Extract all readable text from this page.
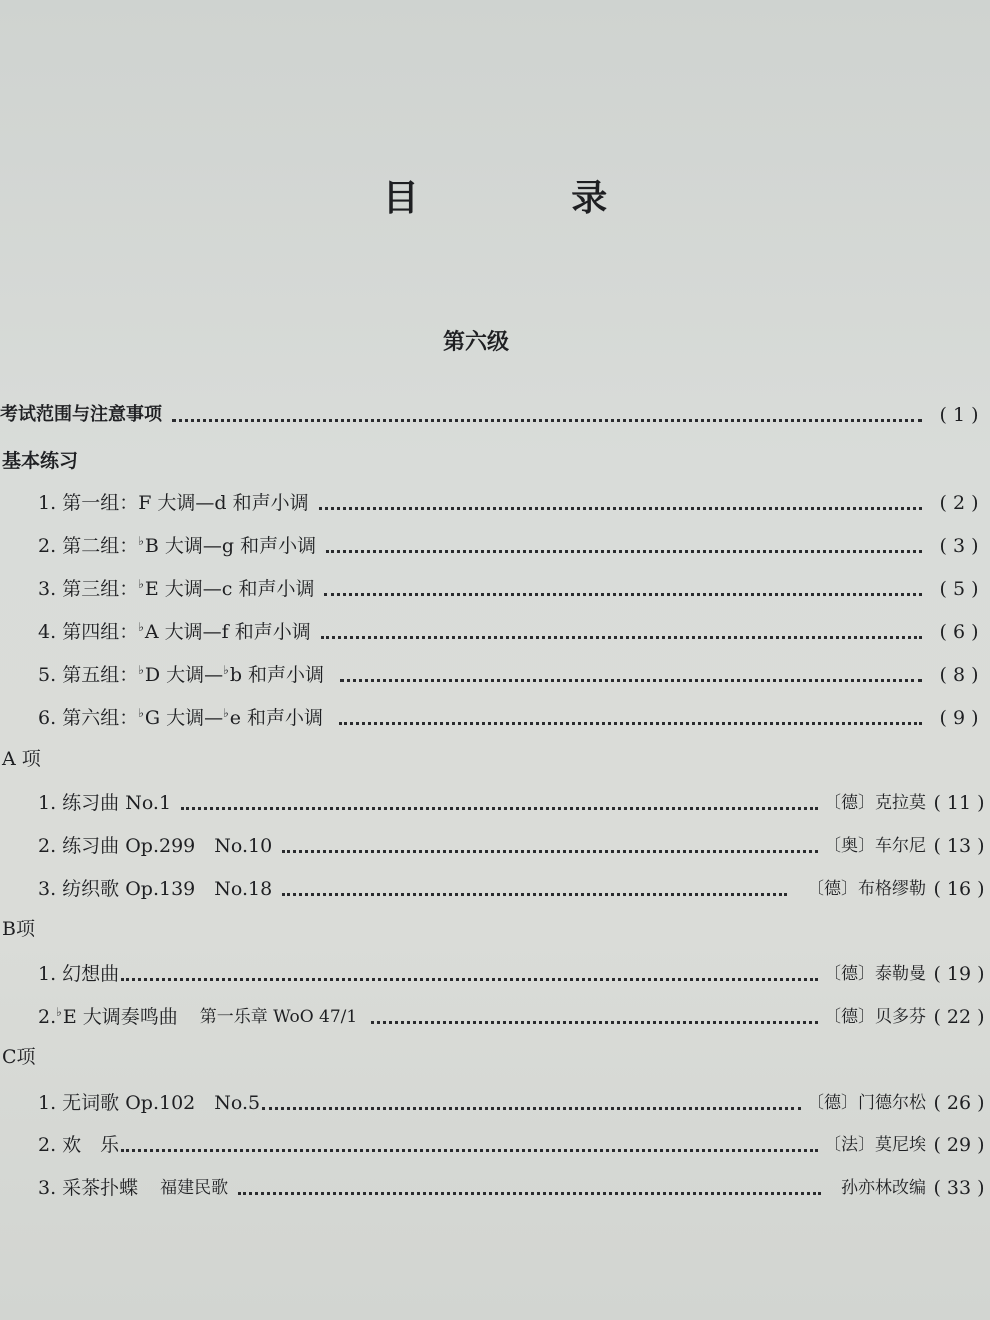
目 录
第六级
考试范围与注意事项	( 1 )
基本练习
1. 第一组：F 大调—d 和声小调	( 2 )
2. 第二组：♭B 大调—g 和声小调	( 3 )
3. 第三组：♭E 大调—c 和声小调	( 5 )
4. 第四组：♭A 大调—f 和声小调	( 6 )
5. 第五组：♭D 大调—♭b 和声小调	( 8 )
6. 第六组：♭G 大调—♭e 和声小调	( 9 )
A 项
1. 练习曲 No.1	〔德〕克拉莫 ( 11 )
2. 练习曲 Op.299　No.10	〔奥〕车尔尼 ( 13 )
3. 纺织歌 Op.139　No.18	〔德〕布格缪勒 ( 16 )
B项
1. 幻想曲	〔德〕泰勒曼 ( 19 )
2.♭E 大调奏鸣曲 第一乐章 WoO 47/1	〔德〕贝多芬 ( 22 )
C项
1. 无词歌 Op.102　No.5	〔德〕门德尔松 ( 26 )
2. 欢　乐	〔法〕莫尼埃 ( 29 )
3. 采茶扑蝶 福建民歌	孙亦林改编 ( 33 )
